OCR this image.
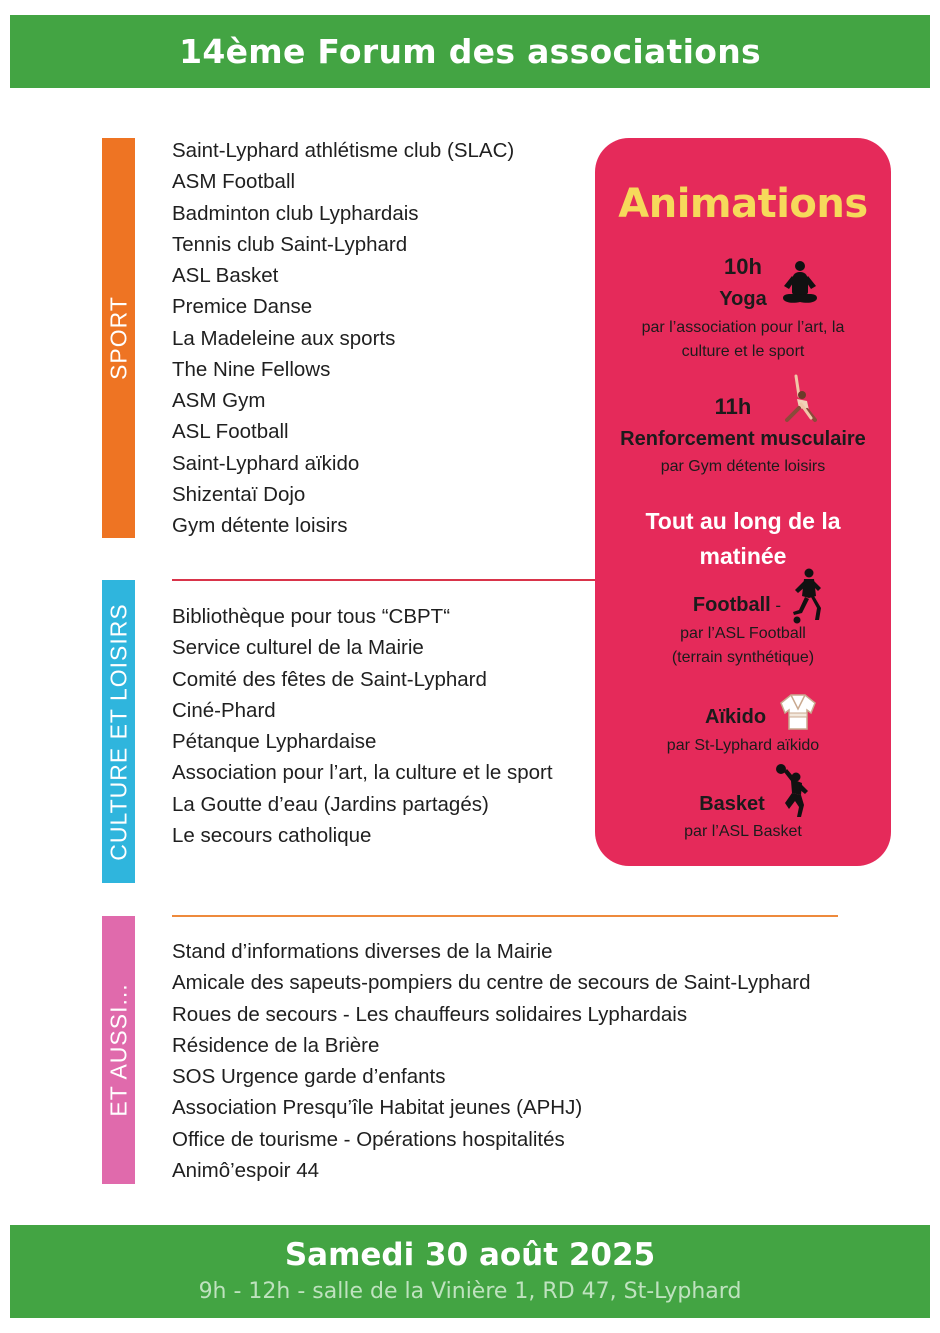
14ème Forum des associations
SPORT
Saint-Lyphard athlétisme club (SLAC)
ASM Football
Badminton club Lyphardais
Tennis club Saint-Lyphard
ASL Basket
Premice Danse
La Madeleine aux sports
The Nine Fellows
ASM Gym
ASL Football
Saint-Lyphard aïkido
Shizentaï Dojo
Gym détente loisirs
CULTURE ET LOISIRS Bibliothèque pour tous “CBPT“
Service culturel de la Mairie
Comité des fêtes de Saint-Lyphard
Ciné-Phard
Pétanque Lyphardaise
Association pour l’art, la culture et le sport
La Goutte d’eau (Jardins partagés)
Le secours catholique
ET AUSSI...
Stand d’informations diverses de la Mairie
Amicale des sapeuts-pompiers du centre de secours de Saint-Lyphard
Roues de secours - Les chauffeurs solidaires Lyphardais
Résidence de la Brière
SOS Urgence garde d’enfants
Association Presqu’île Habitat jeunes (APHJ)
Office de tourisme - Opérations hospitalités
Animô’espoir 44
Animations
10h
Yoga
par l’association pour l’art, la
culture et le sport
11h
Renforcement musculaire
par Gym détente loisirs
Tout au long de la
matinée
Football -
par l’ASL Football
(terrain synthétique)
Aïkido
par St-Lyphard aïkido
Basket
par l’ASL Basket
Samedi 30 août 2025
9h - 12h - salle de la Vinière 1, RD 47, St-Lyphard
